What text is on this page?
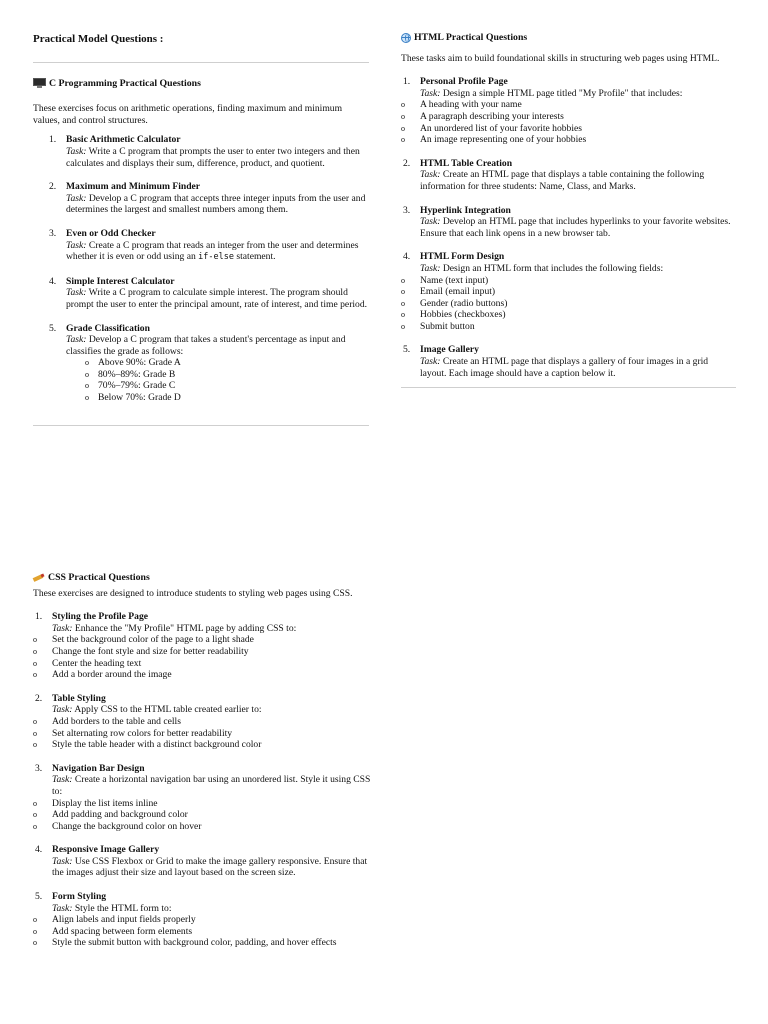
Practical Model Questions :
C Programming Practical Questions

These exercises focus on arithmetic operations, finding maximum and minimum values, and control structures.

1. Basic Arithmetic Calculator
Task: Write a C program that prompts the user to enter two integers and then calculates and displays their sum, difference, product, and quotient.
2. Maximum and Minimum Finder
Task: Develop a C program that accepts three integer inputs from the user and determines the largest and smallest numbers among them.
3. Even or Odd Checker
Task: Create a C program that reads an integer from the user and determines whether it is even or odd using an if-else statement.
4. Simple Interest Calculator
Task: Write a C program to calculate simple interest. The program should prompt the user to enter the principal amount, rate of interest, and time period.
5. Grade Classification
Task: Develop a C program that takes a student's percentage as input and classifies the grade as follows:
o Above 90%: Grade A
o 80%–89%: Grade B
o 70%–79%: Grade C
o Below 70%: Grade D
HTML Practical Questions

These tasks aim to build foundational skills in structuring web pages using HTML.

1. Personal Profile Page
Task: Design a simple HTML page titled "My Profile" that includes:
o A heading with your name
o A paragraph describing your interests
o An unordered list of your favorite hobbies
o An image representing one of your hobbies
2. HTML Table Creation
Task: Create an HTML page that displays a table containing the following information for three students: Name, Class, and Marks.
3. Hyperlink Integration
Task: Develop an HTML page that includes hyperlinks to your favorite websites. Ensure that each link opens in a new browser tab.
4. HTML Form Design
Task: Design an HTML form that includes the following fields:
o Name (text input)
o Email (email input)
o Gender (radio buttons)
o Hobbies (checkboxes)
o Submit button
5. Image Gallery
Task: Create an HTML page that displays a gallery of four images in a grid layout. Each image should have a caption below it.
CSS Practical Questions

These exercises are designed to introduce students to styling web pages using CSS.

1. Styling the Profile Page
Task: Enhance the "My Profile" HTML page by adding CSS to:
o Set the background color of the page to a light shade
o Change the font style and size for better readability
o Center the heading text
o Add a border around the image
2. Table Styling
Task: Apply CSS to the HTML table created earlier to:
o Add borders to the table and cells
o Set alternating row colors for better readability
o Style the table header with a distinct background color
3. Navigation Bar Design
Task: Create a horizontal navigation bar using an unordered list. Style it using CSS to:
o Display the list items inline
o Add padding and background color
o Change the background color on hover
4. Responsive Image Gallery
Task: Use CSS Flexbox or Grid to make the image gallery responsive. Ensure that the images adjust their size and layout based on the screen size.
5. Form Styling
Task: Style the HTML form to:
o Align labels and input fields properly
o Add spacing between form elements
o Style the submit button with background color, padding, and hover effects
